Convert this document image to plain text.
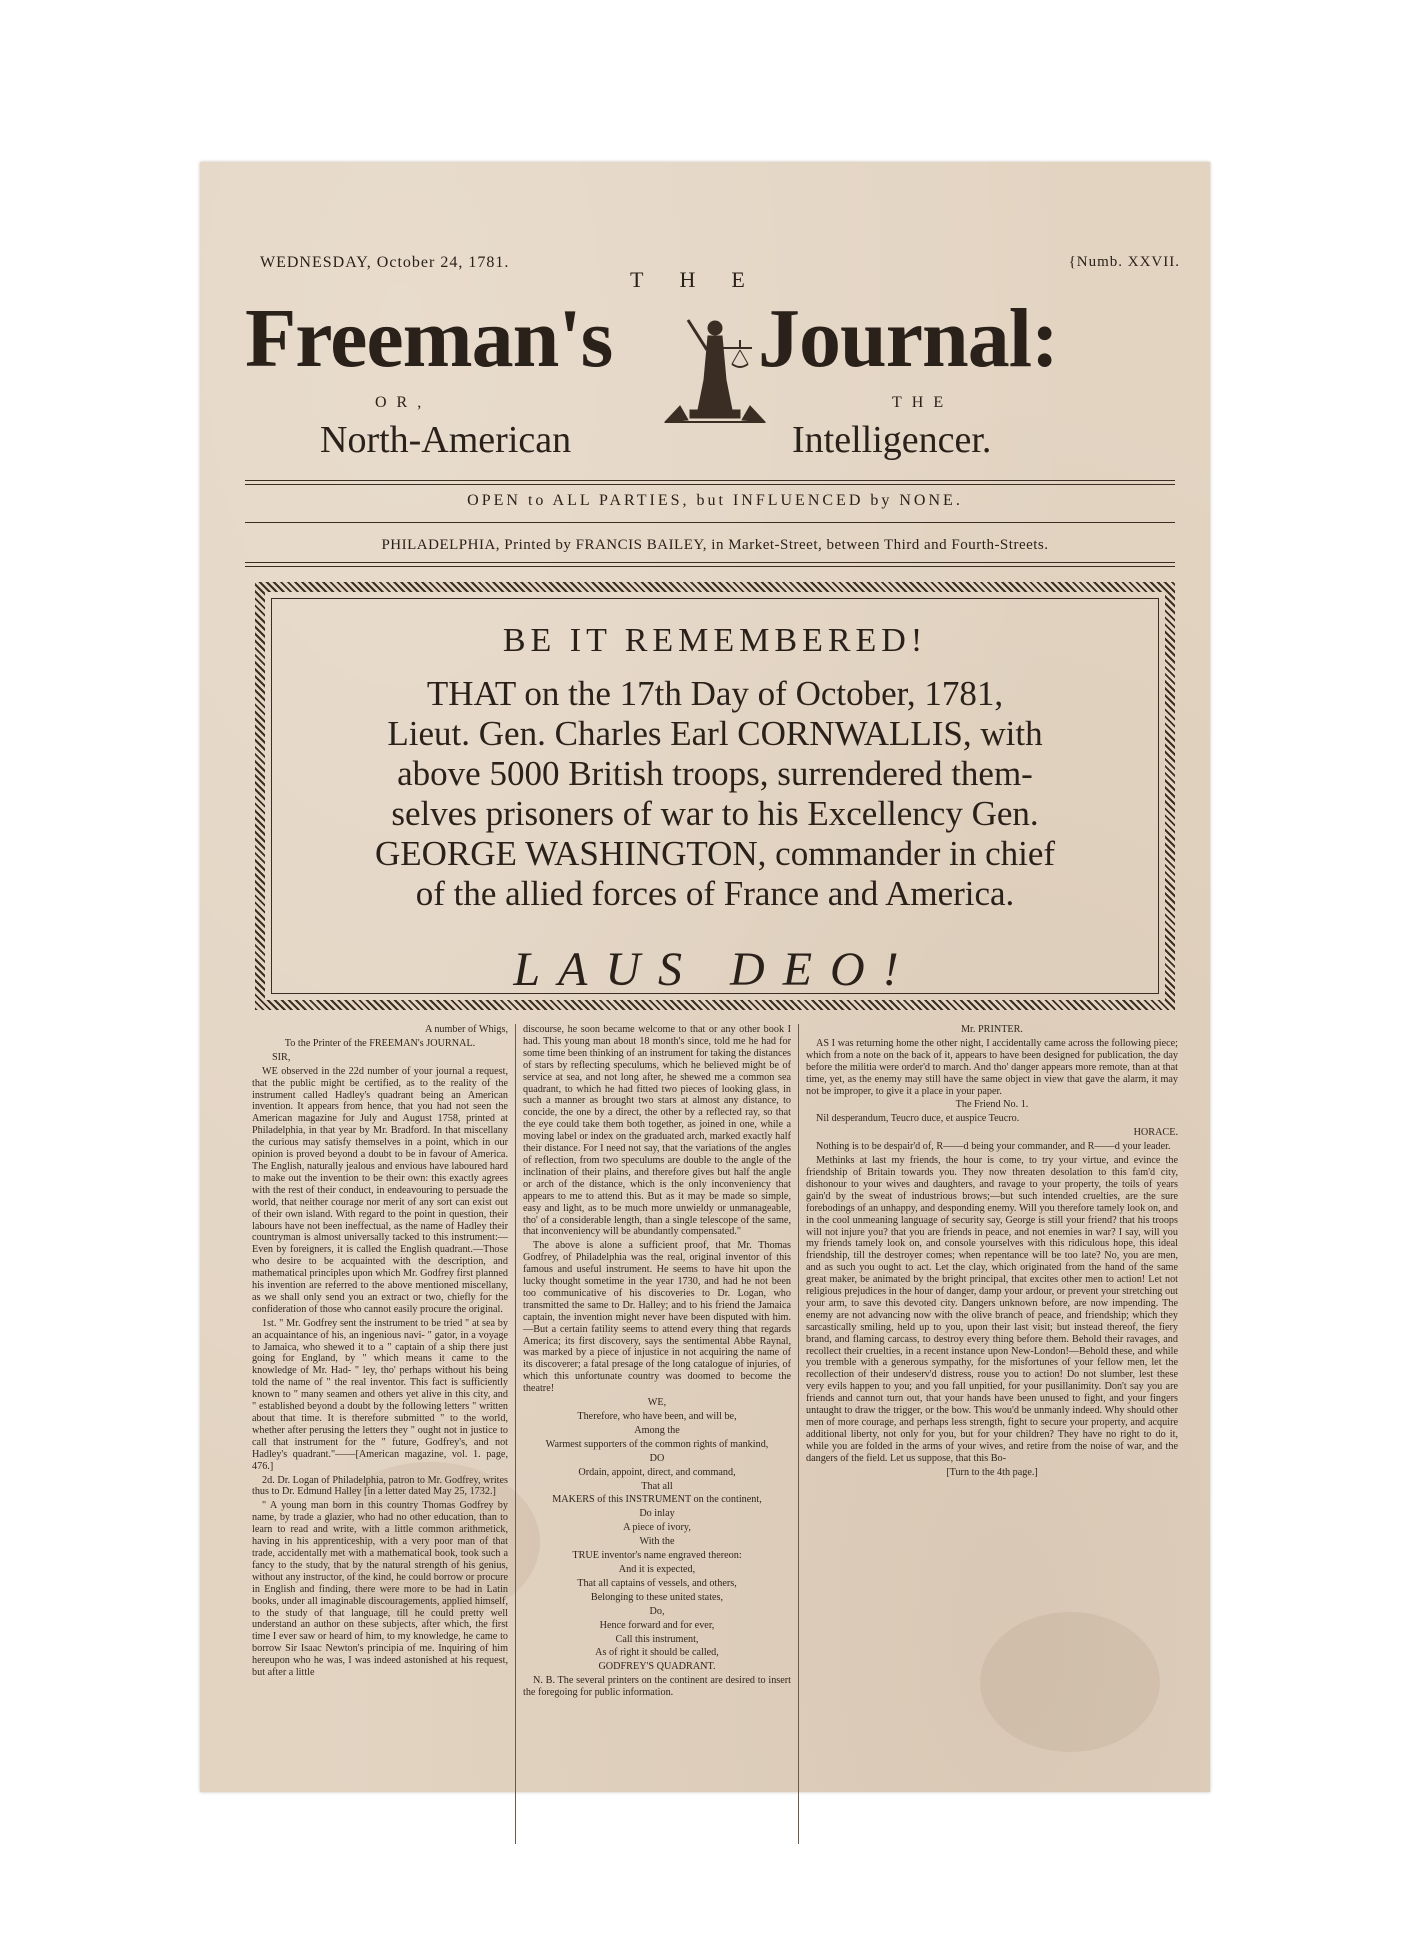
WEDNESDAY, October 24, 1781.	{Numb. XXVII.
THE
Freeman's Journal:
OR,	THE
North-American	Intelligencer.
OPEN to ALL PARTIES, but INFLUENCED by NONE.
PHILADELPHIA, Printed by FRANCIS BAILEY, in Market-Street, between Third and Fourth-Streets.
BE IT REMEMBERED!
THAT on the 17th Day of October, 1781,
Lieut. Gen. Charles Earl CORNWALLIS, with
above 5000 British troops, surrendered them-
selves prisoners of war to his Excellency Gen.
GEORGE WASHINGTON, commander in chief
of the allied forces of France and America.
LAUS DEO!

A number of Whigs,

To the Printer of the FREEMAN's JOURNAL.

SIR,

WE observed in the 22d number of your journal a request, that the public might be certified, as to the reality of the instrument called Hadley's quadrant being an American invention. It appears from hence, that you had not seen the American magazine for July and August 1758, printed at Philadelphia, in that year by Mr. Bradford. In that miscellany the curious may satisfy themselves in a point, which in our opinion is proved beyond a doubt to be in favour of America. The English, naturally jealous and envious have laboured hard to make out the invention to be their own: this exactly agrees with the rest of their conduct, in endeavouring to persuade the world, that neither courage nor merit of any sort can exist out of their own island. With regard to the point in question, their labours have not been ineffectual, as the name of Hadley their countryman is almost universally tacked to this instrument:—Even by foreigners, it is called the English quadrant.—Those who desire to be acquainted with the description, and mathematical principles upon which Mr. Godfrey first planned his invention are referred to the above mentioned miscellany, as we shall only send you an extract or two, chiefly for the confideration of those who cannot easily procure the original.

1st. " Mr. Godfrey sent the instrument to be tried " at sea by an acquaintance of his, an ingenious navi- " gator, in a voyage to Jamaica, who shewed it to a " captain of a ship there just going for England, by " which means it came to the knowledge of Mr. Had- " ley, tho' perhaps without his being told the name of " the real inventor. This fact is sufficiently known to " many seamen and others yet alive in this city, and " established beyond a doubt by the following letters " written about that time. It is therefore submitted " to the world, whether after perusing the letters they " ought not in justice to call that instrument for the " future, Godfrey's, and not Hadley's quadrant."——[American magazine, vol. 1. page, 476.]

2d. Dr. Logan of Philadelphia, patron to Mr. Godfrey, writes thus to Dr. Edmund Halley [in a letter dated May 25, 1732.]

" A young man born in this country Thomas Godfrey by name, by trade a glazier, who had no other education, than to learn to read and write, with a little common arithmetick, having in his apprenticeship, with a very poor man of that trade, accidentally met with a mathematical book, took such a fancy to the study, that by the natural strength of his genius, without any instructor, of the kind, he could borrow or procure in English and finding, there were more to be had in Latin books, under all imaginable discouragements, applied himself, to the study of that language, till he could pretty well understand an author on these subjects, after which, the first time I ever saw or heard of him, to my knowledge, he came to borrow Sir Isaac Newton's principia of me. Inquiring of him hereupon who he was, I was indeed astonished at his request, but after a little

discourse, he soon became welcome to that or any other book I had. This young man about 18 month's since, told me he had for some time been thinking of an instrument for taking the distances of stars by reflecting speculums, which he believed might be of service at sea, and not long after, he shewed me a common sea quadrant, to which he had fitted two pieces of looking glass, in such a manner as brought two stars at almost any distance, to concide, the one by a direct, the other by a reflected ray, so that the eye could take them both together, as joined in one, while a moving label or index on the graduated arch, marked exactly half their distance. For I need not say, that the variations of the angles of reflection, from two speculums are double to the angle of the inclination of their plains, and therefore gives but half the angle or arch of the distance, which is the only inconveniency that appears to me to attend this. But as it may be made so simple, easy and light, as to be much more unwieldy or unmanageable, tho' of a considerable length, than a single telescope of the same, that inconveniency will be abundantly compensated."

The above is alone a sufficient proof, that Mr. Thomas Godfrey, of Philadelphia was the real, original inventor of this famous and useful instrument. He seems to have hit upon the lucky thought sometime in the year 1730, and had he not been too communicative of his discoveries to Dr. Logan, who transmitted the same to Dr. Halley; and to his friend the Jamaica captain, the invention might never have been disputed with him.—But a certain fatility seems to attend every thing that regards America; its first discovery, says the sentimental Abbe Raynal, was marked by a piece of injustice in not acquiring the name of its discoverer; a fatal presage of the long catalogue of injuries, of which this unfortunate country was doomed to become the theatre!

WE,

Therefore, who have been, and will be,

Among the

Warmest supporters of the common rights of mankind,

DO

Ordain, appoint, direct, and command,

That all

MAKERS of this INSTRUMENT on the continent,

Do inlay

A piece of ivory,

With the

TRUE inventor's name engraved thereon:

And it is expected,

That all captains of vessels, and others,

Belonging to these united states,

Do,

Hence forward and for ever,

Call this instrument,

As of right it should be called,

GODFREY'S QUADRANT.

N. B. The several printers on the continent are desired to insert the foregoing for public information.

Mr. PRINTER.

AS I was returning home the other night, I accidentally came across the following piece; which from a note on the back of it, appears to have been designed for publication, the day before the militia were order'd to march. And tho' danger appears more remote, than at that time, yet, as the enemy may still have the same object in view that gave the alarm, it may not be improper, to give it a place in your paper.

The Friend No. 1.

Nil desperandum, Teucro duce, et auspice Teucro.

HORACE.

Nothing is to be despair'd of, R——d being your commander, and R——d your leader.

Methinks at last my friends, the hour is come, to try your virtue, and evince the friendship of Britain towards you. They now threaten desolation to this fam'd city, dishonour to your wives and daughters, and ravage to your property, the toils of years gain'd by the sweat of industrious brows;—but such intended cruelties, are the sure forebodings of an unhappy, and desponding enemy. Will you therefore tamely look on, and in the cool unmeaning language of security say, George is still your friend? that his troops will not injure you? that you are friends in peace, and not enemies in war? I say, will you my friends tamely look on, and console yourselves with this ridiculous hope, this ideal friendship, till the destroyer comes; when repentance will be too late? No, you are men, and as such you ought to act. Let the clay, which originated from the hand of the same great maker, be animated by the bright principal, that excites other men to action! Let not religious prejudices in the hour of danger, damp your ardour, or prevent your stretching out your arm, to save this devoted city. Dangers unknown before, are now impending. The enemy are not advancing now with the olive branch of peace, and friendship; which they sarcastically smiling, held up to you, upon their last visit; but instead thereof, the fiery brand, and flaming carcass, to destroy every thing before them. Behold their ravages, and recollect their cruelties, in a recent instance upon New-London!—Behold these, and while you tremble with a generous sympathy, for the misfortunes of your fellow men, let the recollection of their undeserv'd distress, rouse you to action! Do not slumber, lest these very evils happen to you; and you fall unpitied, for your pusillanimity. Don't say you are friends and cannot turn out, that your hands have been unused to fight, and your fingers untaught to draw the trigger, or the bow. This wou'd be unmanly indeed. Why should other men of more courage, and perhaps less strength, fight to secure your property, and acquire additional liberty, not only for you, but for your children? They have no right to do it, while you are folded in the arms of your wives, and retire from the noise of war, and the dangers of the field. Let us suppose, that this Bo-

[Turn to the 4th page.]
